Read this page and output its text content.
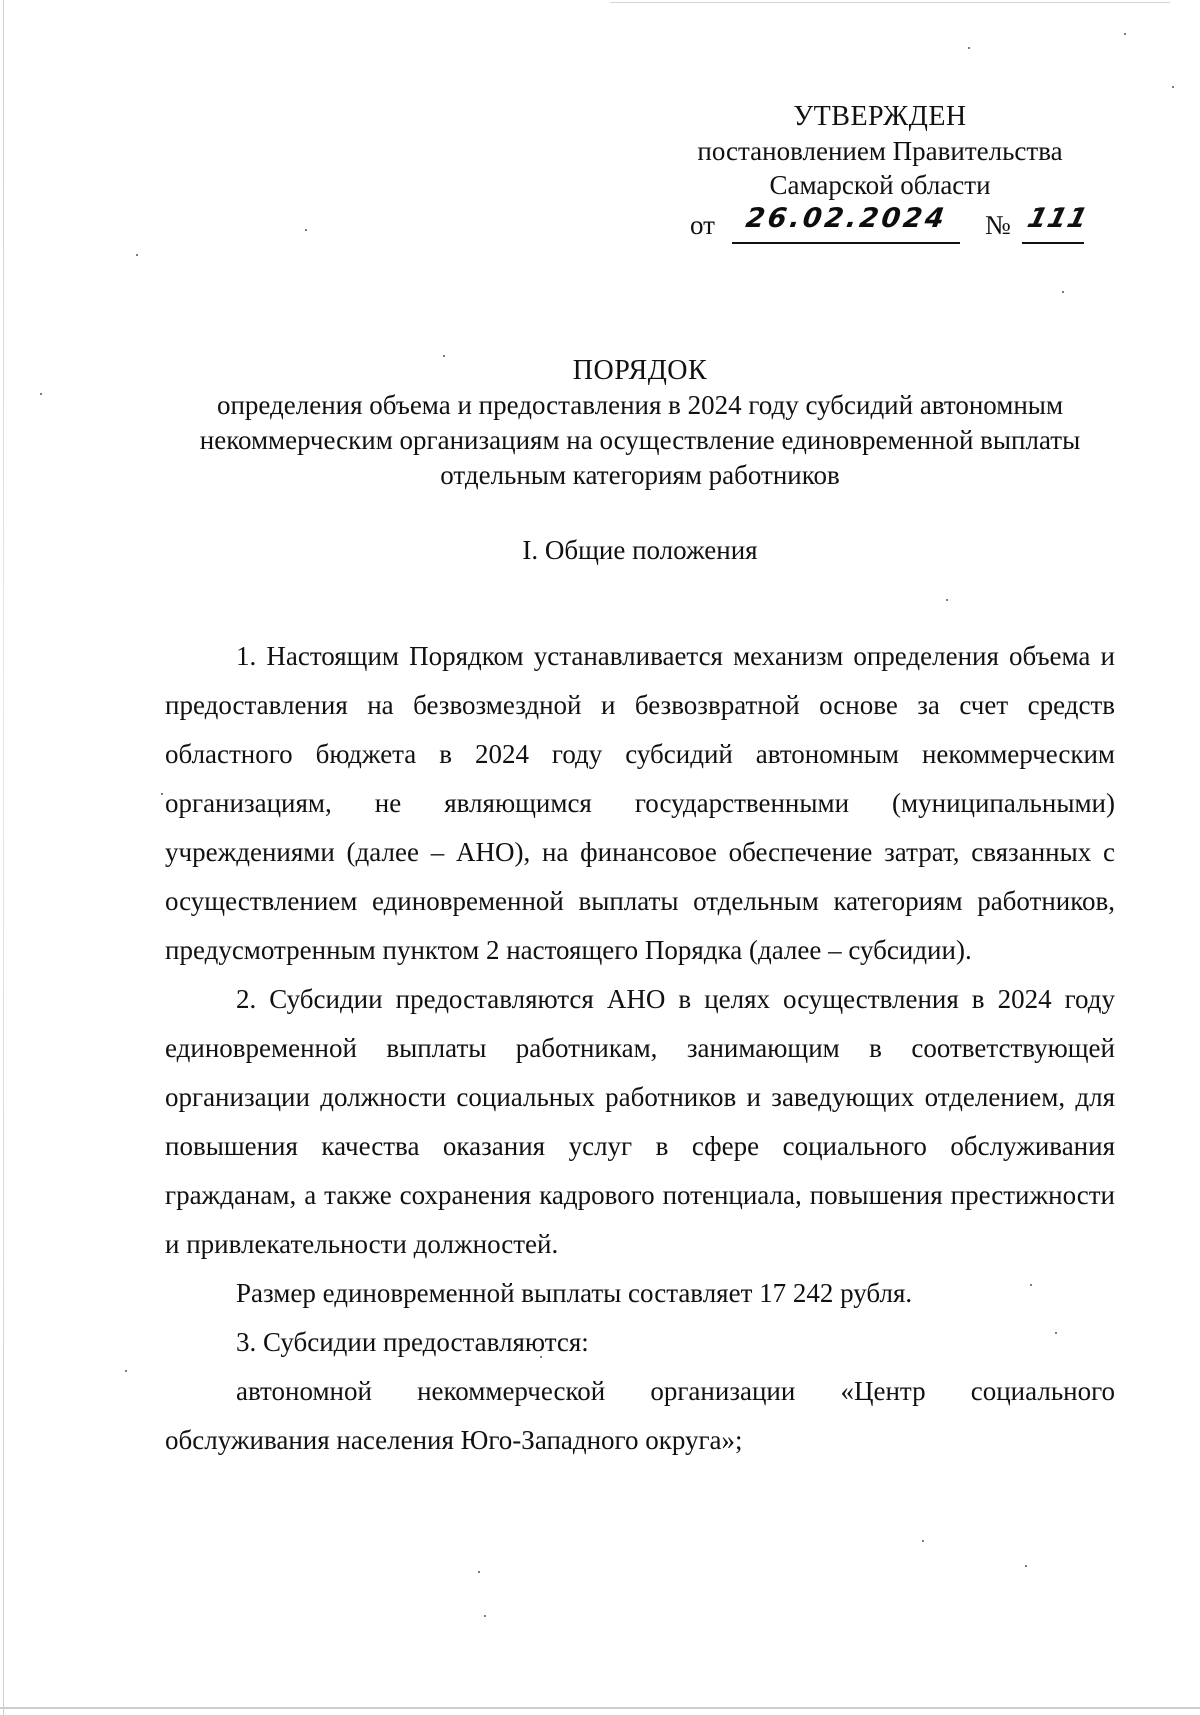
УТВЕРЖДЕН
постановлением Правительства
Самарской области
от 26.02.2024 № 111
ПОРЯДОК
определения объема и предоставления в 2024 году субсидий автономным
некоммерческим организациям на осуществление единовременной выплаты
отдельным категориям работников
I. Общие положения

1. Настоящим Порядком устанавливается механизм определения объема и предоставления на безвозмездной и безвозвратной основе за счет средств областного бюджета в 2024 году субсидий автономным некоммерческим организациям, не являющимся государственными (муниципальными) учреждениями (далее – АНО), на финансовое обеспечение затрат, связанных с осуществлением единовременной выплаты отдельным категориям работников, предусмотренным пунктом 2 настоящего Порядка (далее – субсидии).

2. Субсидии предоставляются АНО в целях осуществления в 2024 году единовременной выплаты работникам, занимающим в соответствующей организации должности социальных работников и заведующих отделением, для повышения качества оказания услуг в сфере социального обслуживания гражданам, а также сохранения кадрового потенциала, повышения престижности и привлекательности должностей.

Размер единовременной выплаты составляет 17 242 рубля.

3. Субсидии предоставляются:

автономной некоммерческой организации «Центр социального обслуживания населения Юго-Западного округа»;
